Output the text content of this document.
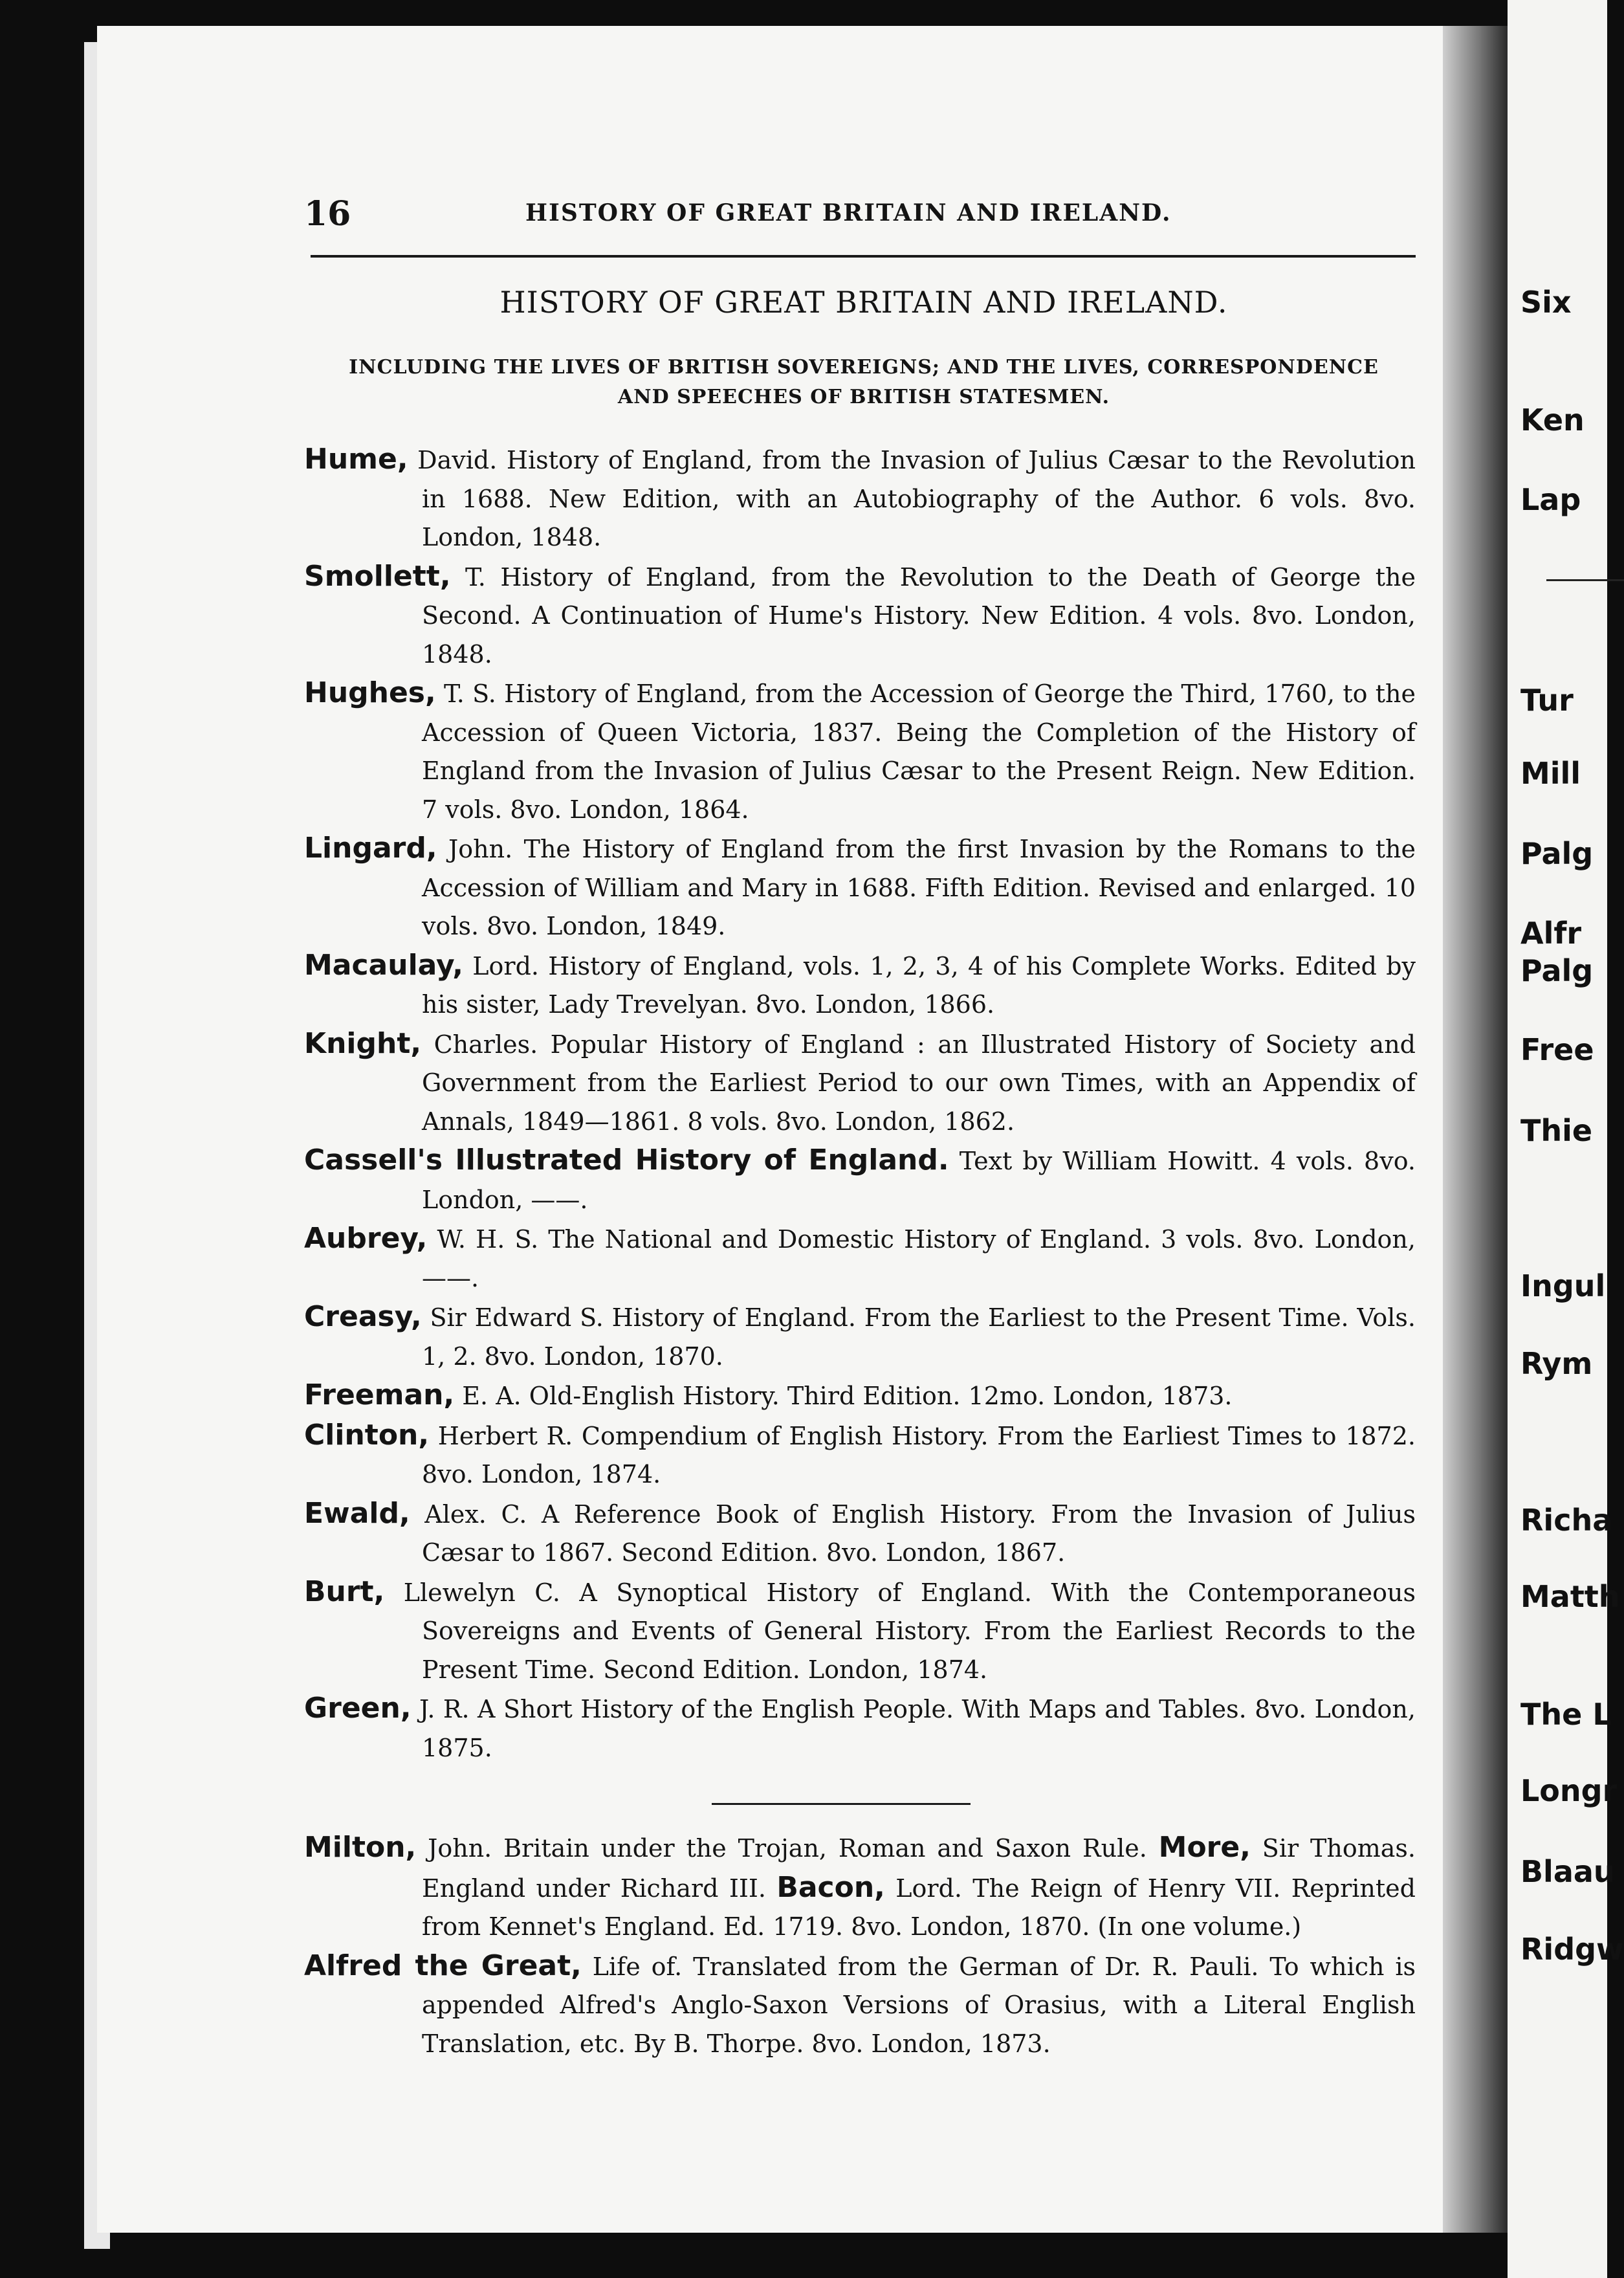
Six
Ken
Lap
Tur
Mill
Palg
Alfr
Palg
Free
Thie
Ingul
Rym
Richa
Matth
The L
Longr
Blaau
Ridgw
16	HISTORY OF GREAT BRITAIN AND IRELAND.
HISTORY OF GREAT BRITAIN AND IRELAND.
INCLUDING THE LIVES OF BRITISH SOVEREIGNS; AND THE LIVES, CORRESPONDENCE
AND SPEECHES OF BRITISH STATESMEN.

Hume, David. History of England, from the Invasion of Julius Cæsar to the Revolution in 1688. New Edition, with an Autobiography of the Author. 6 vols. 8vo. London, 1848.

Smollett, T. History of England, from the Revolution to the Death of George the Second. A Continuation of Hume's History. New Edition. 4 vols. 8vo. London, 1848.

Hughes, T. S. History of England, from the Accession of George the Third, 1760, to the Accession of Queen Victoria, 1837. Being the Completion of the History of England from the Invasion of Julius Cæsar to the Present Reign. New Edition. 7 vols. 8vo. London, 1864.

Lingard, John. The History of England from the first Invasion by the Romans to the Accession of William and Mary in 1688. Fifth Edition. Revised and enlarged. 10 vols. 8vo. London, 1849.

Macaulay, Lord. History of England, vols. 1, 2, 3, 4 of his Complete Works. Edited by his sister, Lady Trevelyan. 8vo. London, 1866.

Knight, Charles. Popular History of England : an Illustrated History of Society and Government from the Earliest Period to our own Times, with an Appendix of Annals, 1849—1861. 8 vols. 8vo. London, 1862.

Cassell's Illustrated History of England. Text by William Howitt. 4 vols. 8vo. London, ——.

Aubrey, W. H. S. The National and Domestic History of England. 3 vols. 8vo. London, ——.

Creasy, Sir Edward S. History of England. From the Earliest to the Present Time. Vols. 1, 2. 8vo. London, 1870.

Freeman, E. A. Old-English History. Third Edition. 12mo. London, 1873.

Clinton, Herbert R. Compendium of English History. From the Earliest Times to 1872. 8vo. London, 1874.

Ewald, Alex. C. A Reference Book of English History. From the Invasion of Julius Cæsar to 1867. Second Edition. 8vo. London, 1867.

Burt, Llewelyn C. A Synoptical History of England. With the Contemporaneous Sovereigns and Events of General History. From the Earliest Records to the Present Time. Second Edition. London, 1874.

Green, J. R. A Short History of the English People. With Maps and Tables. 8vo. London, 1875.

Milton, John. Britain under the Trojan, Roman and Saxon Rule. More, Sir Thomas. England under Richard III. Bacon, Lord. The Reign of Henry VII. Reprinted from Kennet's England. Ed. 1719. 8vo. London, 1870. (In one volume.)

Alfred the Great, Life of. Translated from the German of Dr. R. Pauli. To which is appended Alfred's Anglo-Saxon Versions of Orasius, with a Literal English Translation, etc. By B. Thorpe. 8vo. London, 1873.
